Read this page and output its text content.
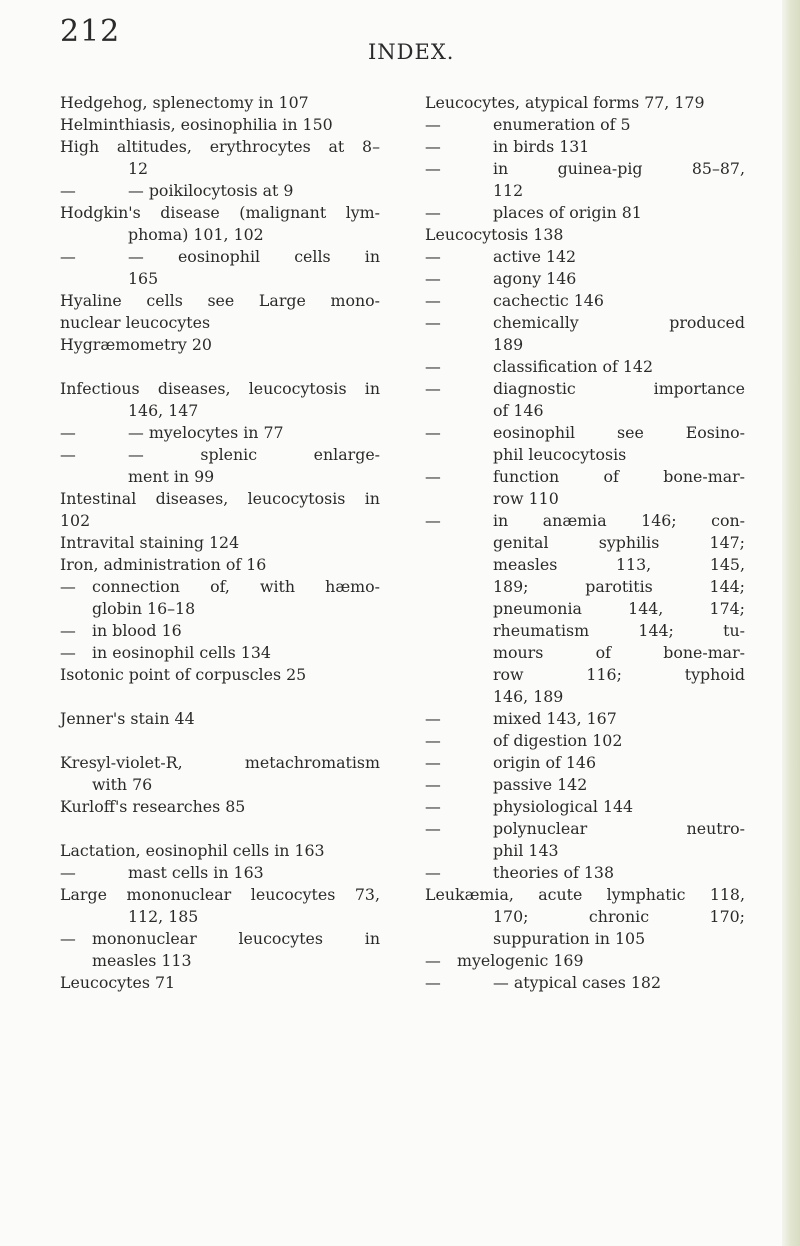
212
INDEX.
Hedgehog, splenectomy in 107
Helminthiasis, eosinophilia in 150
High altitudes, erythrocytes at 8–
12
—	— poikilocytosis at 9
Hodgkin's disease (malignant lym-
phoma) 101, 102
—	— eosinophil cells in
165
Hyaline cells see Large mono-
nuclear leucocytes
Hygræmometry 20
Infectious diseases, leucocytosis in
146, 147
—	— myelocytes in 77
—	— splenic enlarge-
ment in 99
Intestinal diseases, leucocytosis in
102
Intravital staining 124
Iron, administration of 16
— connection of, with hæmo-
globin 16–18
— in blood 16
— in eosinophil cells 134
Isotonic point of corpuscles 25
Jenner's stain 44
Kresyl-violet-R, metachromatism
with 76
Kurloff's researches 85
Lactation, eosinophil cells in 163
—	mast cells in 163
Large mononuclear leucocytes 73,
112, 185
— mononuclear leucocytes in
measles 113
Leucocytes 71
Leucocytes, atypical forms 77, 179
—	enumeration of 5
—	in birds 131
—	in guinea-pig 85–87,
112
—	places of origin 81
Leucocytosis 138
—	active 142
—	agony 146
—	cachectic 146
—	chemically produced
189
—	classification of 142
—	diagnostic importance
of 146
—	eosinophil see Eosino-
phil leucocytosis
—	function of bone-mar-
row 110
—	in anæmia 146; con-
genital syphilis 147;
measles 113, 145,
189; parotitis 144;
pneumonia 144, 174;
rheumatism 144; tu-
mours of bone-mar-
row 116; typhoid
146, 189
—	mixed 143, 167
—	of digestion 102
—	origin of 146
—	passive 142
—	physiological 144
—	polynuclear neutro-
phil 143
—	theories of 138
Leukæmia, acute lymphatic 118,
170; chronic 170;
suppuration in 105
— myelogenic 169
—	— atypical cases 182
